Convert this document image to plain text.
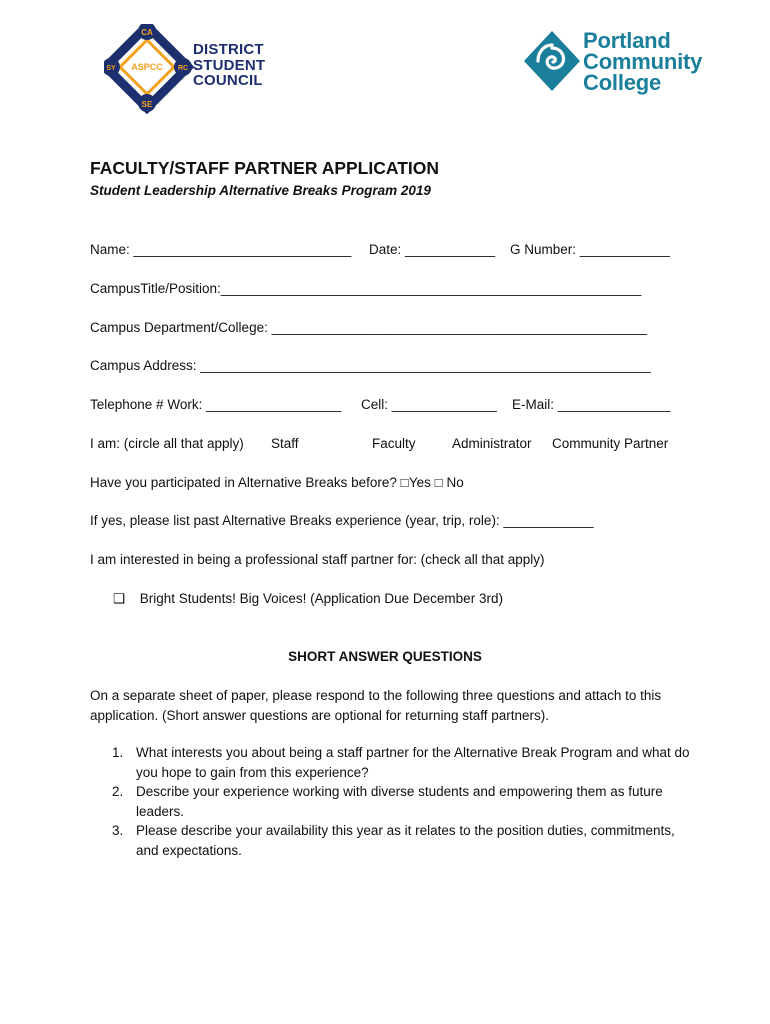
CA
SE
SY	RC
ASPCC
DISTRICT
STUDENT
COUNCIL
Portland
Community
College
FACULTY/STAFF PARTNER APPLICATION
Student Leadership Alternative Breaks Program 2019
Name: _____________________________ Date: ____________ G Number: ____________
CampusTitle/Position:________________________________________________________
Campus Department/College: __________________________________________________
Campus Address: ____________________________________________________________
Telephone # Work: __________________ Cell: ______________ E-Mail: _______________
I am: (circle all that apply) Staff	Faculty	Administrator Community Partner
Have you participated in Alternative Breaks before? □Yes □ No
If yes, please list past Alternative Breaks experience (year, trip, role): ____________
I am interested in being a professional staff partner for: (check all that apply)
❑ Bright Students! Big Voices! (Application Due December 3rd)
SHORT ANSWER QUESTIONS
On a separate sheet of paper, please respond to the following three questions and attach to this application. (Short answer questions are optional for returning staff partners).
1. What interests you about being a staff partner for the Alternative Break Program and what do you hope to gain from this experience?
2. Describe your experience working with diverse students and empowering them as future leaders.
3. Please describe your availability this year as it relates to the position duties, commitments, and expectations.
